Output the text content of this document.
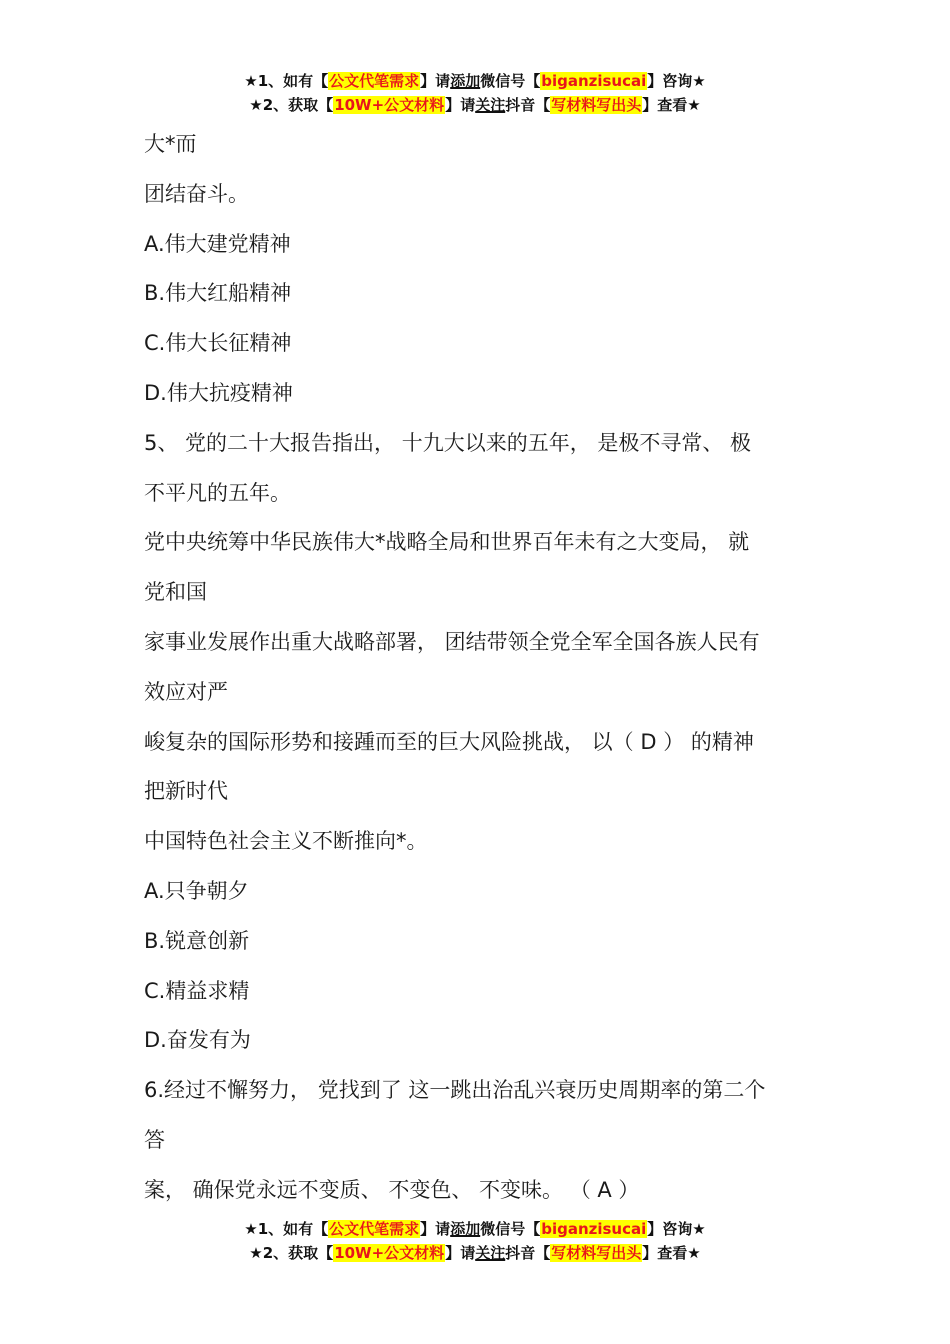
★1、如有【公文代笔需求】请添加微信号【biganzisucai】咨询★
★2、获取【10W+公文材料】请关注抖音【写材料写出头】查看★

大*而

团结奋斗。

A.伟大建党精神

B.伟大红船精神

C.伟大长征精神

D.伟大抗疫精神

5、 党的二十大报告指出， 十九大以来的五年， 是极不寻常、 极

不平凡的五年。

党中央统筹中华民族伟大*战略全局和世界百年未有之大变局， 就

党和国

家事业发展作出重大战略部署， 团结带领全党全军全国各族人民有

效应对严

峻复杂的国际形势和接踵而至的巨大风险挑战， 以（ D ） 的精神

把新时代

中国特色社会主义不断推向*。

A.只争朝夕

B.锐意创新

C.精益求精

D.奋发有为

6.经过不懈努力， 党找到了 这一跳出治乱兴衰历史周期率的第二个

答

案， 确保党永远不变质、 不变色、 不变味。 （ A ）

★1、如有【公文代笔需求】请添加微信号【biganzisucai】咨询★
★2、获取【10W+公文材料】请关注抖音【写材料写出头】查看★
